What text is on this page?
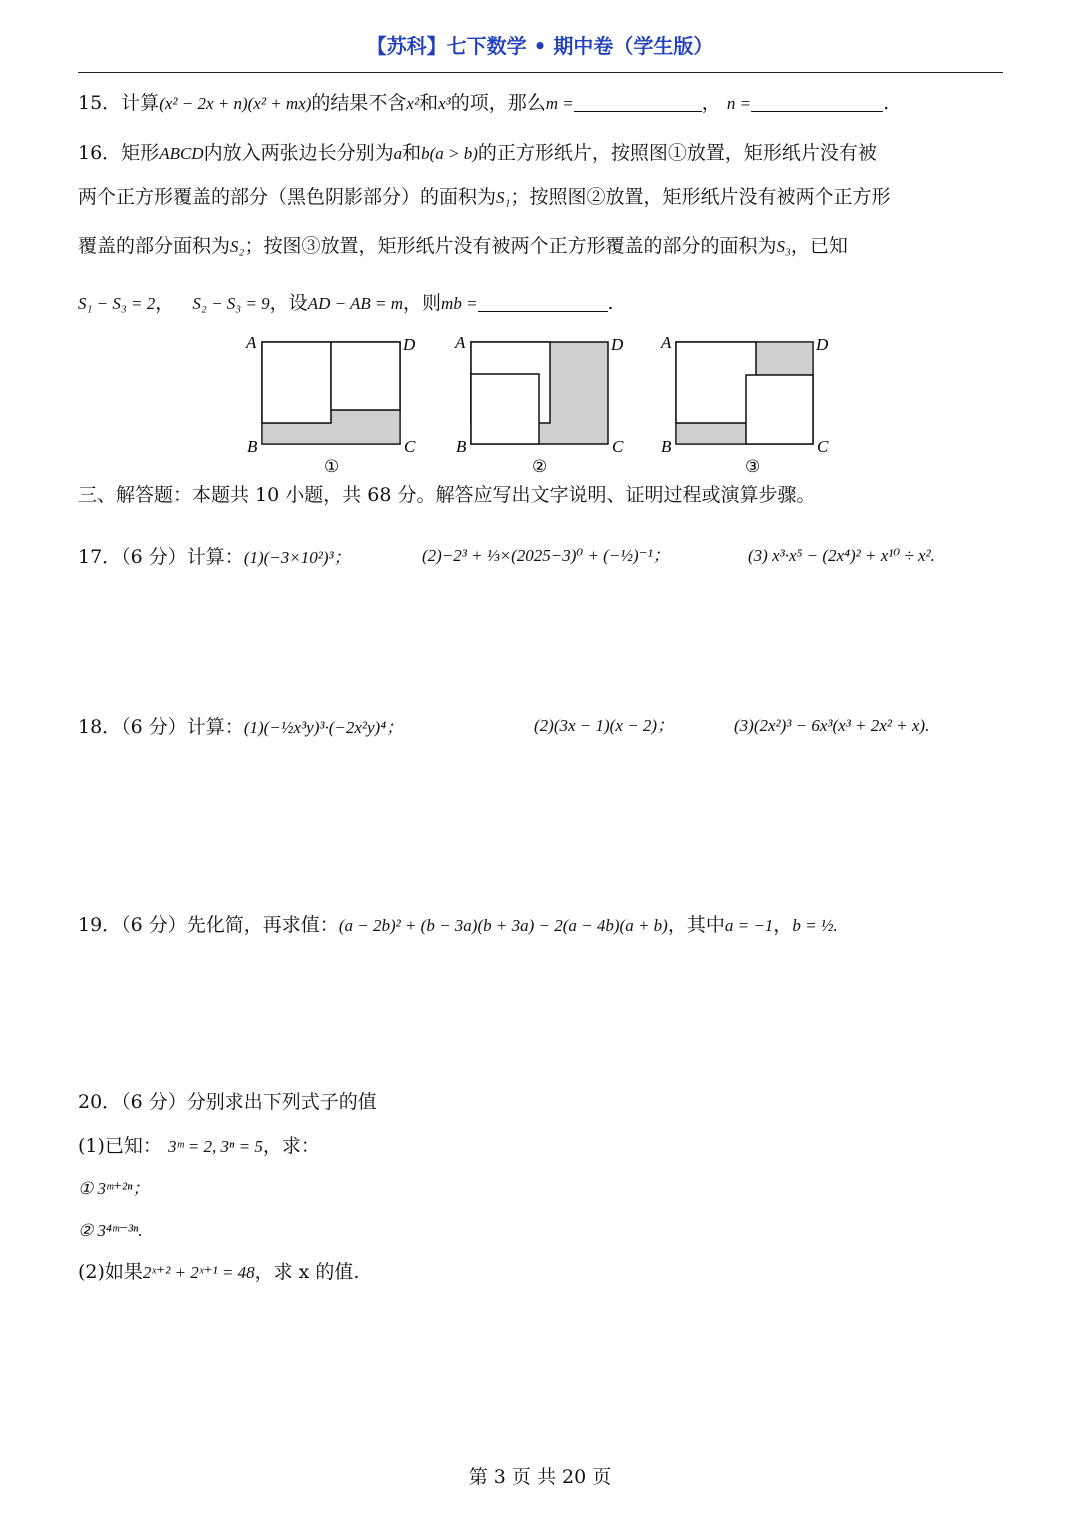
【苏科】七下数学 • 期中卷（学生版）
15．计算(x² − 2x + n)(x² + mx)的结果不含x²和x³的项，那么m =	， n =	.
16．矩形ABCD内放入两张边长分别为a和b(a > b)的正方形纸片，按照图①放置，矩形纸片没有被
两个正方形覆盖的部分（黑色阴影部分）的面积为S₁；按照图②放置，矩形纸片没有被两个正方形
覆盖的部分面积为S₂；按图③放置，矩形纸片没有被两个正方形覆盖的部分的面积为S₃，已知
S₁ − S₃ = 2， S₂ − S₃ = 9，设AD − AB = m，则mb =	.
A	D
B	C
①
A	D
B	C
②
A	D
B	C
③
三、解答题：本题共 10 小题，共 68 分。解答应写出文字说明、证明过程或演算步骤。
17．（6 分）计算：(1)(−3×10²)³；	(2)−2³ + ⅓×(2025−3)⁰ + (−½)⁻¹；	(3) x³·x⁵ − (2x⁴)² + x¹⁰ ÷ x².
18．（6 分）计算：(1)(−½x³y)³·(−2x²y)⁴；	(2)(3x − 1)(x − 2)；	(3)(2x²)³ − 6x³(x³ + 2x² + x).
19．（6 分）先化简，再求值：(a − 2b)² + (b − 3a)(b + 3a) − 2(a − 4b)(a + b)，其中a = −1，b = ½.
20．（6 分）分别求出下列式子的值
(1)已知： 3ᵐ = 2, 3ⁿ = 5，求：
① 3ᵐ⁺²ⁿ；
② 3⁴ᵐ⁻³ⁿ.
(2)如果2ˣ⁺² + 2ˣ⁺¹ = 48，求 x 的值.
第 3 页 共 20 页
